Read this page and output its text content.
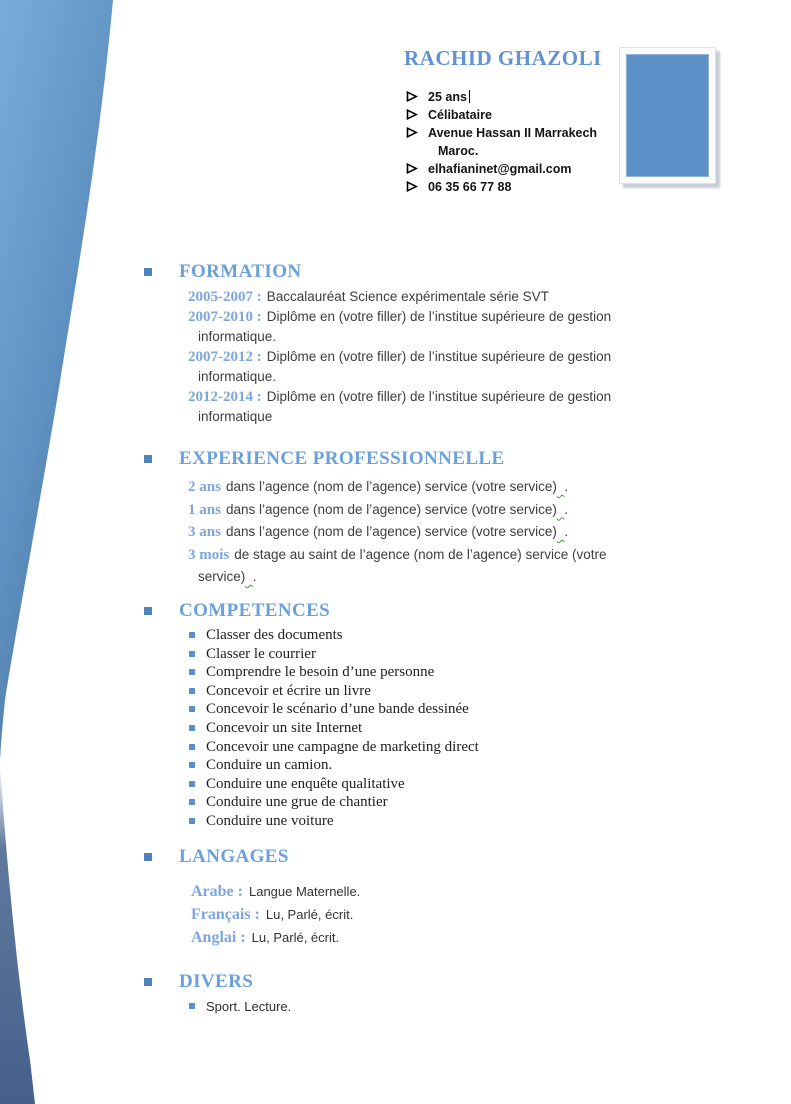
RACHID GHAZOLI
25 ans
Célibataire
Avenue Hassan II Marrakech
Maroc.
elhafianinet@gmail.com
06 35 66 77 88
FORMATION

2005-2007 : Baccalauréat Science expérimentale série SVT

2007-2010 : Diplôme en (votre filler) de l’institue supérieure de gestion

informatique.

2007-2012 : Diplôme en (votre filler) de l’institue supérieure de gestion

informatique.

2012-2014 : Diplôme en (votre filler) de l’institue supérieure de gestion

informatique

EXPERIENCE PROFESSIONNELLE

2 ans dans l’agence (nom de l’agence) service (votre service) .

1 ans dans l’agence (nom de l’agence) service (votre service) .

3 ans dans l’agence (nom de l’agence) service (votre service) .

3 mois de stage au saint de l’agence (nom de l’agence) service (votre

service) .

COMPETENCES
Classer des documents
Classer le courrier
Comprendre le besoin d’une personne
Concevoir et écrire un livre
Concevoir le scénario d’une bande dessinée
Concevoir un site Internet
Concevoir une campagne de marketing direct
Conduire un camion.
Conduire une enquête qualitative
Conduire une grue de chantier
Conduire une voiture
LANGAGES

Arabe : Langue Maternelle.

Français : Lu, Parlé, écrit.

Anglai : Lu, Parlé, écrit.

DIVERS
Sport. Lecture.
